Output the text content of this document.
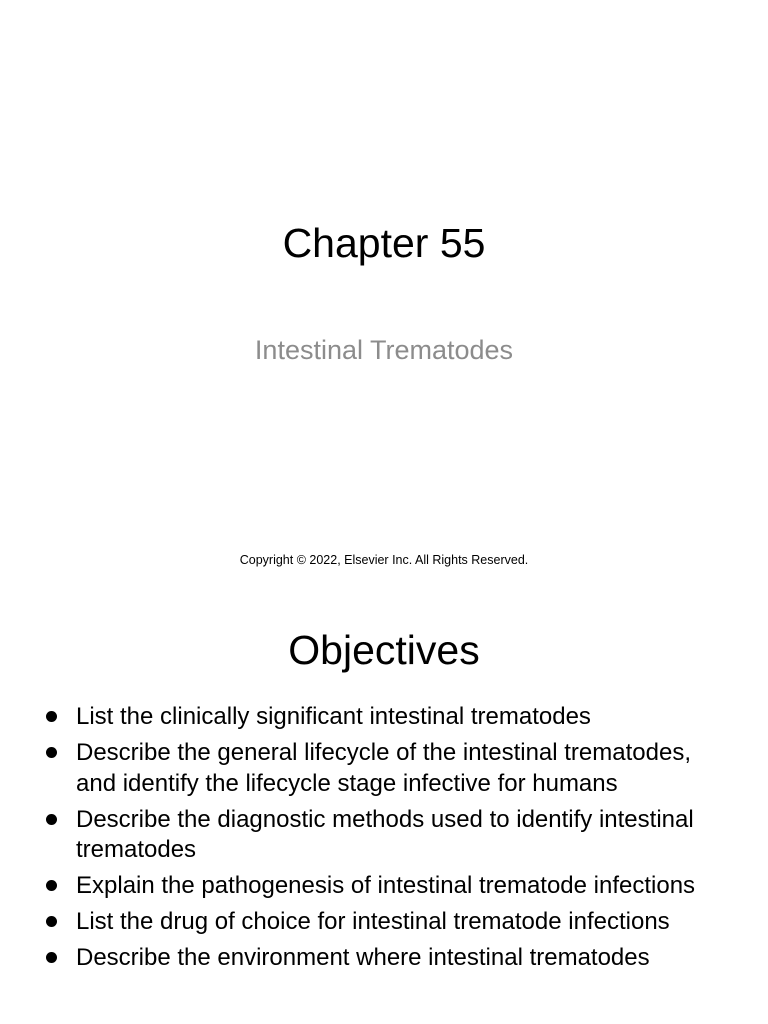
Chapter 55
Intestinal Trematodes
Copyright © 2022, Elsevier Inc. All Rights Reserved.
Objectives
List the clinically significant intestinal trematodes
Describe the general lifecycle of the intestinal trematodes, and identify the lifecycle stage infective for humans
Describe the diagnostic methods used to identify intestinal trematodes
Explain the pathogenesis of intestinal trematode infections
List the drug of choice for intestinal trematode infections
Describe the environment where intestinal trematodes
